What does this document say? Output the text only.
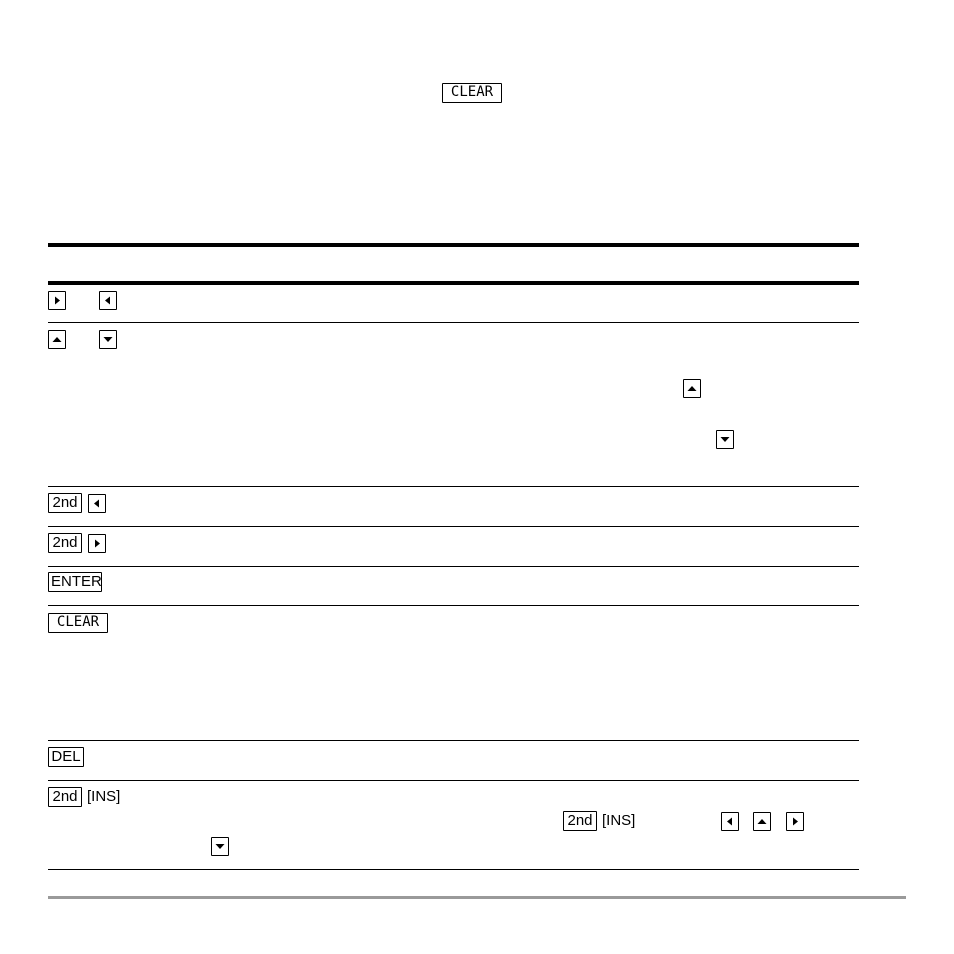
CLEAR
2nd
2nd
ENTER
CLEAR
DEL
2nd [INS]
2nd [INS]
